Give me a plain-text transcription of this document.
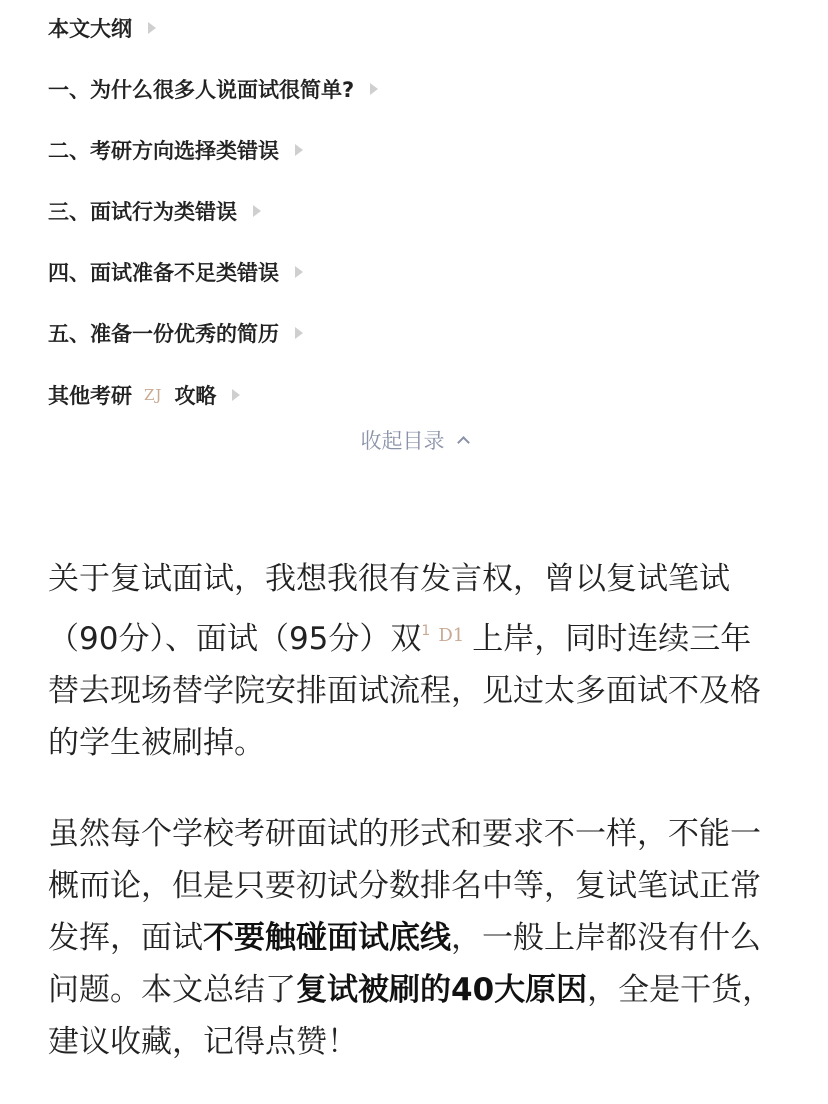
本文大纲
一、为什么很多人说面试很简单?
二、考研方向选择类错误
三、面试行为类错误
四、面试准备不足类错误
五、准备一份优秀的简历
其他考研 ZJ 攻略
收起目录

关于复试面试，我想我很有发言权，曾以复试笔试（90分）、面试（95分）双$^1$ $^{D1}$ 上岸，同时连续三年替去现场替学院安排面试流程，见过太多面试不及格的学生被刷掉。

虽然每个学校考研面试的形式和要求不一样，不能一概而论，但是只要初试分数排名中等，复试笔试正常发挥，面试不要触碰面试底线，一般上岸都没有什么问题。本文总结了复试被刷的40大原因，全是干货，建议收藏，记得点赞！
